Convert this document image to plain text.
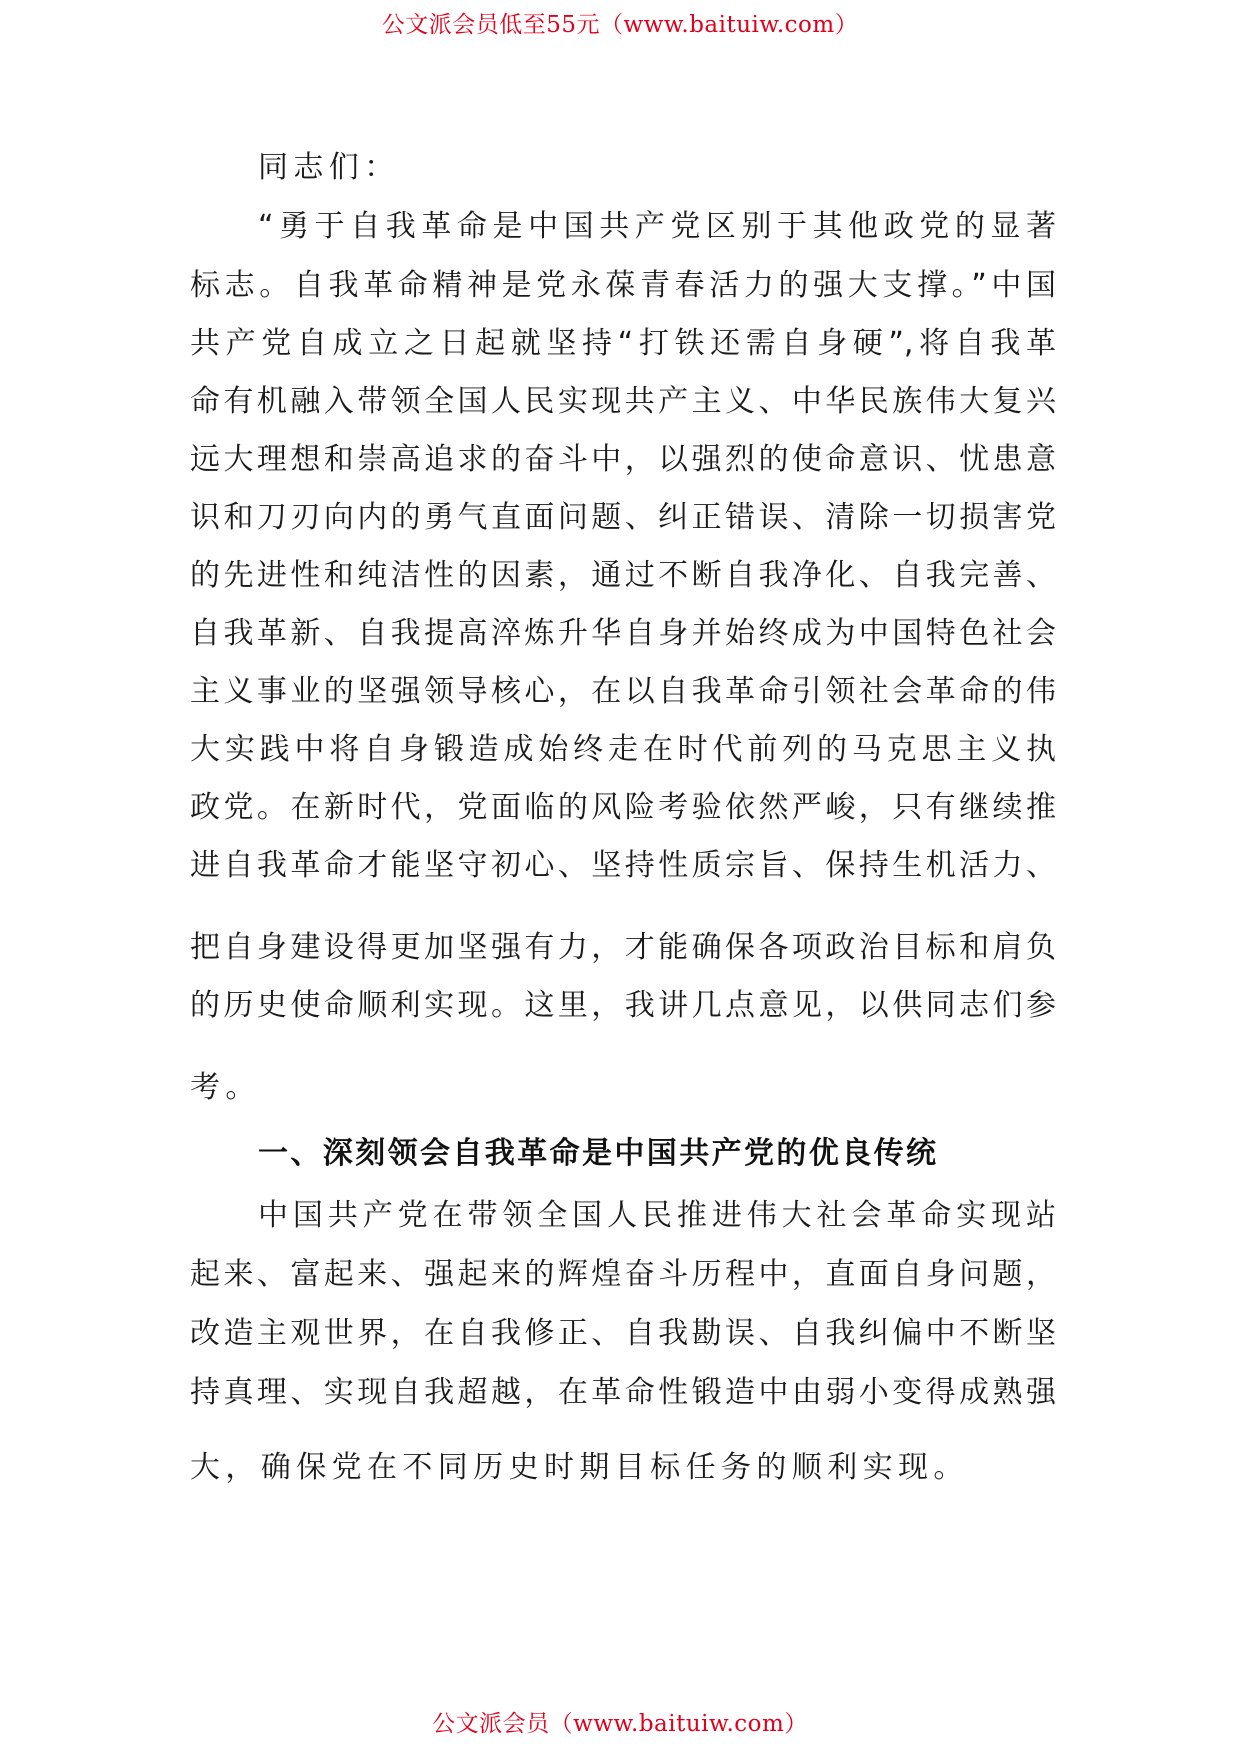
公文派会员低至55元（www.baituiw.com）
同志们：
“勇于自我革命是中国共产党区别于其他政党的显著
标志。自我革命精神是党永葆青春活力的强大支撑。”中国
共产党自成立之日起就坚持“打铁还需自身硬”,将自我革
命有机融入带领全国人民实现共产主义、中华民族伟大复兴
远大理想和崇高追求的奋斗中，以强烈的使命意识、忧患意
识和刀刃向内的勇气直面问题、纠正错误、清除一切损害党
的先进性和纯洁性的因素，通过不断自我净化、自我完善、
自我革新、自我提高淬炼升华自身并始终成为中国特色社会
主义事业的坚强领导核心，在以自我革命引领社会革命的伟
大实践中将自身锻造成始终走在时代前列的马克思主义执
政党。在新时代，党面临的风险考验依然严峻，只有继续推
进自我革命才能坚守初心、坚持性质宗旨、保持生机活力、
把自身建设得更加坚强有力，才能确保各项政治目标和肩负
的历史使命顺利实现。这里，我讲几点意见，以供同志们参
考。
一、深刻领会自我革命是中国共产党的优良传统
中国共产党在带领全国人民推进伟大社会革命实现站
起来、富起来、强起来的辉煌奋斗历程中，直面自身问题，
改造主观世界，在自我修正、自我勘误、自我纠偏中不断坚
持真理、实现自我超越，在革命性锻造中由弱小变得成熟强
大，确保党在不同历史时期目标任务的顺利实现。
公文派会员（www.baituiw.com）
